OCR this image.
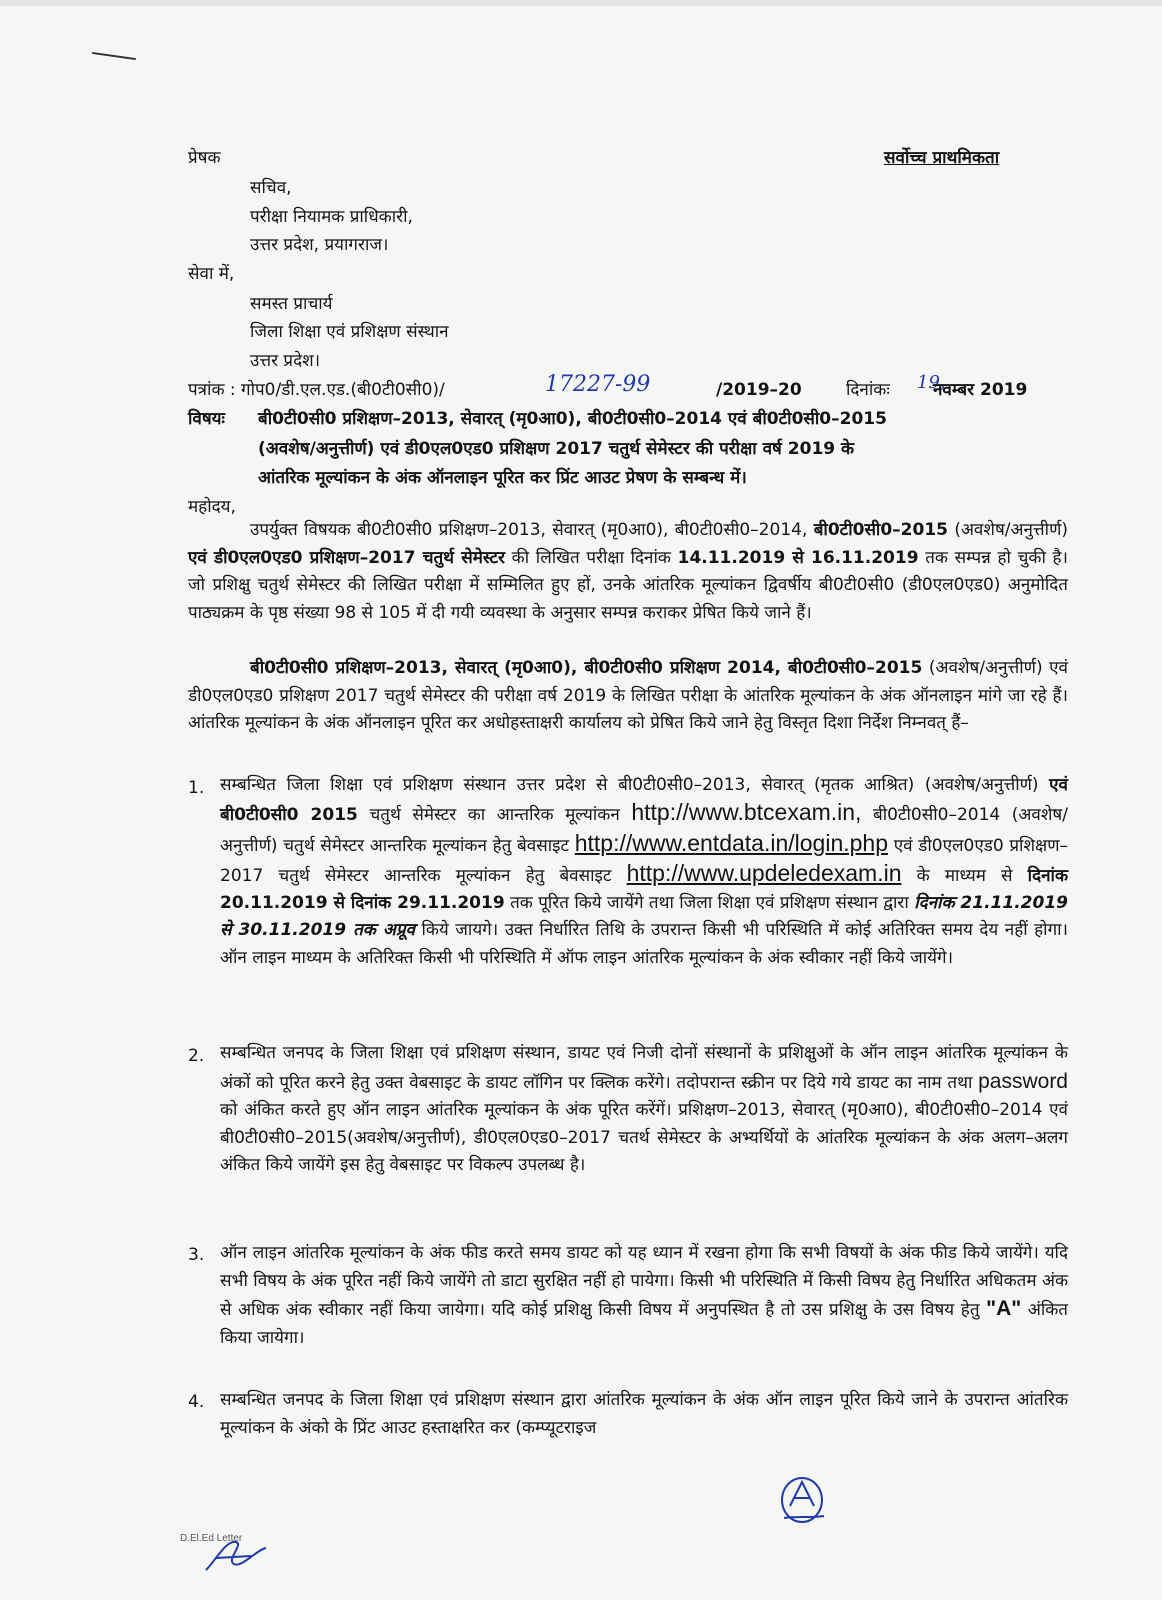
प्रेषक	सर्वोच्च प्राथमिकता
सचिव,
परीक्षा नियामक प्राधिकारी,
उत्तर प्रदेश, प्रयागराज।
सेवा में,
समस्त प्राचार्य
जिला शिक्षा एवं प्रशिक्षण संस्थान
उत्तर प्रदेश।
पत्रांक : गोप0/डी.एल.एड.(बी0टी0सी0)/	17227-99	/2019–20	दिनांकः 19,
नवम्बर 2019
विषयः बी0टी0सी0 प्रशिक्षण–2013, सेवारत् (मृ0आ0), बी0टी0सी0–2014 एवं बी0टी0सी0–2015
(अवशेष/अनुत्तीर्ण) एवं डी0एल0एड0 प्रशिक्षण 2017 चतुर्थ सेमेस्टर की परीक्षा वर्ष 2019 के
आंतरिक मूल्यांकन के अंक ऑनलाइन पूरित कर प्रिंट आउट प्रेषण के सम्बन्ध में।
महोदय,

उपर्युक्त विषयक बी0टी0सी0 प्रशिक्षण–2013, सेवारत् (मृ0आ0), बी0टी0सी0–2014, बी0टी0सी0–2015 (अवशेष/अनुत्तीर्ण) एवं डी0एल0एड0 प्रशिक्षण–2017 चतुर्थ सेमेस्टर की लिखित परीक्षा दिनांक 14.11.2019 से 16.11.2019 तक सम्पन्न हो चुकी है। जो प्रशिक्षु चतुर्थ सेमेस्टर की लिखित परीक्षा में सम्मिलित हुए हों, उनके आंतरिक मूल्यांकन द्विवर्षीय बी0टी0सी0 (डी0एल0एड0) अनुमोदित पाठ्यक्रम के पृष्ठ संख्या 98 से 105 में दी गयी व्यवस्था के अनुसार सम्पन्न कराकर प्रेषित किये जाने हैं।

बी0टी0सी0 प्रशिक्षण–2013, सेवारत् (मृ0आ0), बी0टी0सी0 प्रशिक्षण 2014, बी0टी0सी0–2015 (अवशेष/अनुत्तीर्ण) एवं डी0एल0एड0 प्रशिक्षण 2017 चतुर्थ सेमेस्टर की परीक्षा वर्ष 2019 के लिखित परीक्षा के आंतरिक मूल्यांकन के अंक ऑनलाइन मांगे जा रहे हैं। आंतरिक मूल्यांकन के अंक ऑनलाइन पूरित कर अधोहस्ताक्षरी कार्यालय को प्रेषित किये जाने हेतु विस्तृत दिशा निर्देश निम्नवत् हैं–

1. सम्बन्धित जिला शिक्षा एवं प्रशिक्षण संस्थान उत्तर प्रदेश से बी0टी0सी0–2013, सेवारत् (मृतक आश्रित) (अवशेष/अनुत्तीर्ण) एवं बी0टी0सी0 2015 चतुर्थ सेमेस्टर का आन्तरिक मूल्यांकन http://www.btcexam.in, बी0टी0सी0–2014 (अवशेष/अनुत्तीर्ण) चतुर्थ सेमेस्टर आन्तरिक मूल्यांकन हेतु बेवसाइट http://www.entdata.in/login.php एवं डी0एल0एड0 प्रशिक्षण–2017 चतुर्थ सेमेस्टर आन्तरिक मूल्यांकन हेतु बेवसाइट http://www.updeledexam.in के माध्यम से दिनांक 20.11.2019 से दिनांक 29.11.2019 तक पूरित किये जायेंगे तथा जिला शिक्षा एवं प्रशिक्षण संस्थान द्वारा दिनांक 21.11.2019 से 30.11.2019 तक अप्रूव किये जायगे। उक्त निर्धारित तिथि के उपरान्त किसी भी परिस्थिति में कोई अतिरिक्त समय देय नहीं होगा। ऑन लाइन माध्यम के अतिरिक्त किसी भी परिस्थिति में ऑफ लाइन आंतरिक मूल्यांकन के अंक स्वीकार नहीं किये जायेंगे।

2. सम्बन्धित जनपद के जिला शिक्षा एवं प्रशिक्षण संस्थान, डायट एवं निजी दोनों संस्थानों के प्रशिक्षुओं के ऑन लाइन आंतरिक मूल्यांकन के अंकों को पूरित करने हेतु उक्त वेबसाइट के डायट लॉगिन पर क्लिक करेंगे। तदोपरान्त स्क्रीन पर दिये गये डायट का नाम तथा password को अंकित करते हुए ऑन लाइन आंतरिक मूल्यांकन के अंक पूरित करेंगें। प्रशिक्षण–2013, सेवारत् (मृ0आ0), बी0टी0सी0–2014 एवं बी0टी0सी0–2015(अवशेष/अनुत्तीर्ण), डी0एल0एड0–2017 चतर्थ सेमेस्टर के अभ्यर्थियों के आंतरिक मूल्यांकन के अंक अलग–अलग अंकित किये जायेंगे इस हेतु वेबसाइट पर विकल्प उपलब्ध है।

3. ऑन लाइन आंतरिक मूल्यांकन के अंक फीड करते समय डायट को यह ध्यान में रखना होगा कि सभी विषयों के अंक फीड किये जायेंगे। यदि सभी विषय के अंक पूरित नहीं किये जायेंगे तो डाटा सुरक्षित नहीं हो पायेगा। किसी भी परिस्थिति में किसी विषय हेतु निर्धारित अधिकतम अंक से अधिक अंक स्वीकार नहीं किया जायेगा। यदि कोई प्रशिक्षु किसी विषय में अनुपस्थित है तो उस प्रशिक्षु के उस विषय हेतु "A" अंकित किया जायेगा।

4. सम्बन्धित जनपद के जिला शिक्षा एवं प्रशिक्षण संस्थान द्वारा आंतरिक मूल्यांकन के अंक ऑन लाइन पूरित किये जाने के उपरान्त आंतरिक मूल्यांकन के अंको के प्रिंट आउट हस्ताक्षरित कर (कम्प्यूटराइज

D.El.Ed Letter
